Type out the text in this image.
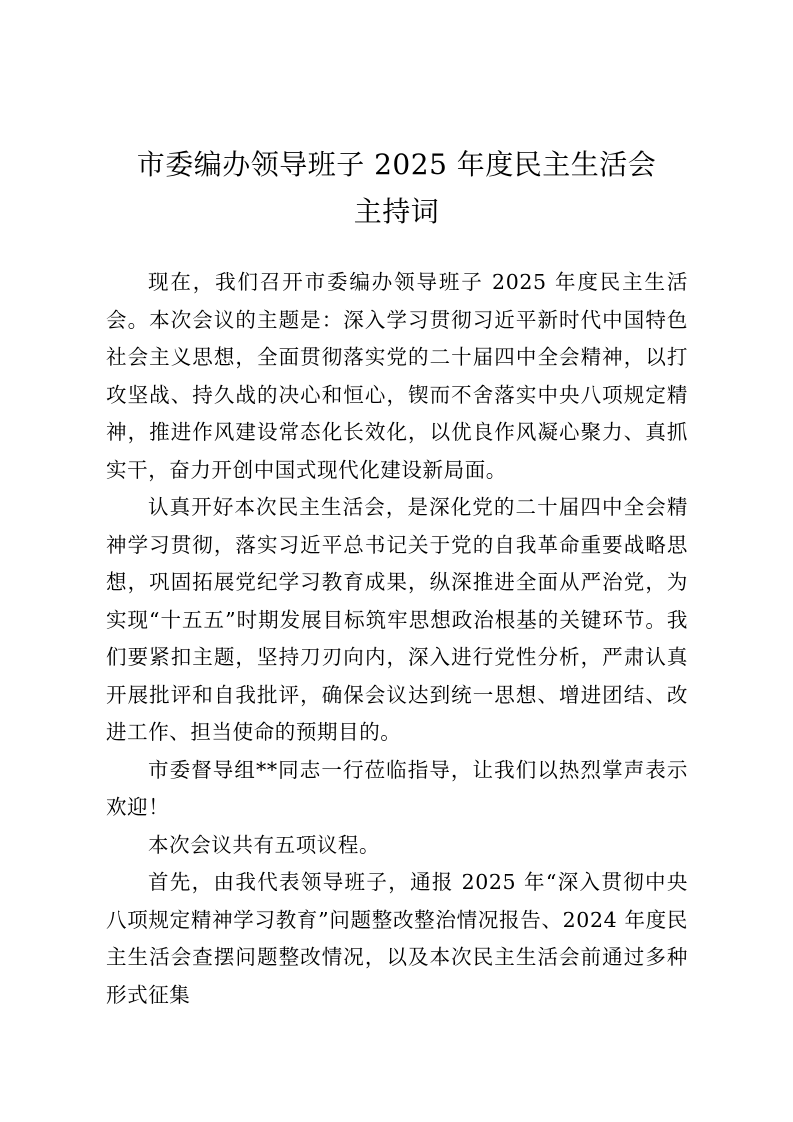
市委编办领导班子 2025 年度民主生活会
主持词

现在，我们召开市委编办领导班子 2025 年度民主生活会。本次会议的主题是：深入学习贯彻习近平新时代中国特色社会主义思想，全面贯彻落实党的二十届四中全会精神，以打攻坚战、持久战的决心和恒心，锲而不舍落实中央八项规定精神，推进作风建设常态化长效化，以优良作风凝心聚力、真抓实干，奋力开创中国式现代化建设新局面。

认真开好本次民主生活会，是深化党的二十届四中全会精神学习贯彻，落实习近平总书记关于党的自我革命重要战略思想，巩固拓展党纪学习教育成果，纵深推进全面从严治党，为实现“十五五”时期发展目标筑牢思想政治根基的关键环节。我们要紧扣主题，坚持刀刃向内，深入进行党性分析，严肃认真开展批评和自我批评，确保会议达到统一思想、增进团结、改进工作、担当使命的预期目的。

市委督导组**同志一行莅临指导，让我们以热烈掌声表示欢迎！

本次会议共有五项议程。

首先，由我代表领导班子，通报 2025 年“深入贯彻中央八项规定精神学习教育”问题整改整治情况报告、2024 年度民主生活会查摆问题整改情况，以及本次民主生活会前通过多种形式征集
